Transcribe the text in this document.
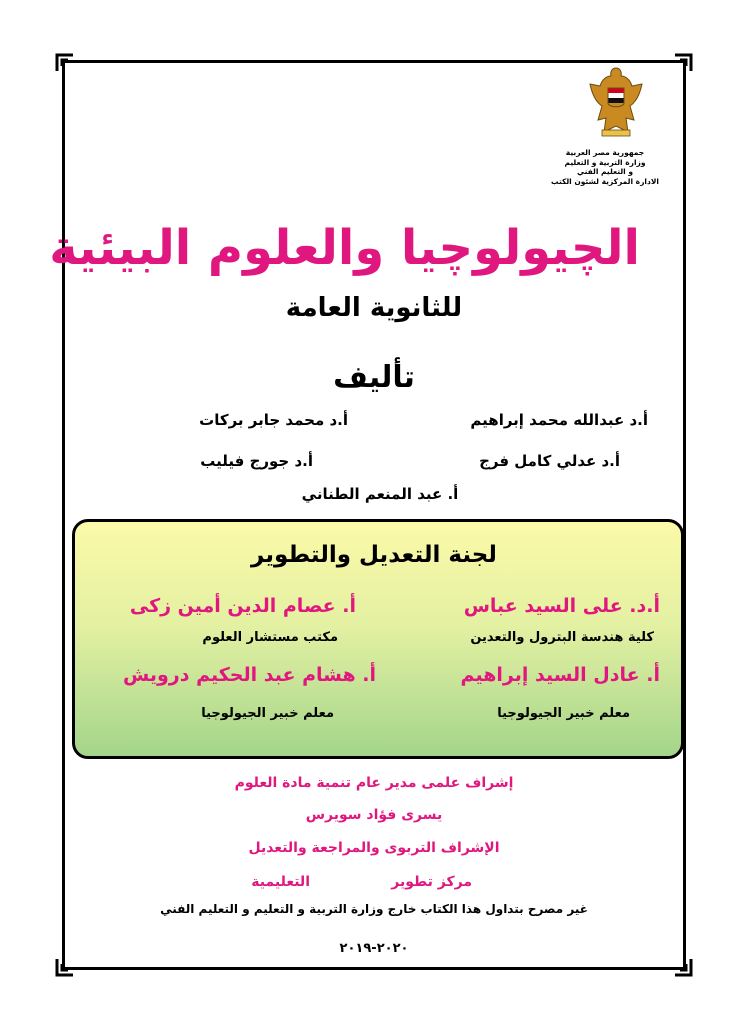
جمهورية مصر العربية
وزارة التربية و التعليم
و التعليم الفني
الادارة المركزية لشئون الكتب
الچيولوچيا والعلوم البيئية
للثانوية العامة
تأليف
أ.د عبدالله محمد إبراهيم
أ.د محمد جابر بركات
أ.د عدلي كامل فرج
أ.د جورج فيليب
أ. عبد المنعم الطناني
لجنة التعديل والتطوير
أ.د. على السيد عباس
أ. عصام الدين أمين زكى
كلية هندسة البترول والتعدين
مكتب مستشار العلوم
أ. عادل السيد إبراهيم
أ. هشام عبد الحكيم درويش
معلم خبير الجيولوجيا
معلم خبير الجيولوجيا
إشراف علمى مدير عام تنمية مادة العلوم
يسرى فؤاد سويرس
الإشراف التربوى والمراجعة والتعديل
مركز تطوير
التعليمية
غير مصرح بتداول هذا الكتاب خارج وزارة التربية و التعليم و التعليم الفني
٢٠٢٠-٢٠١٩
